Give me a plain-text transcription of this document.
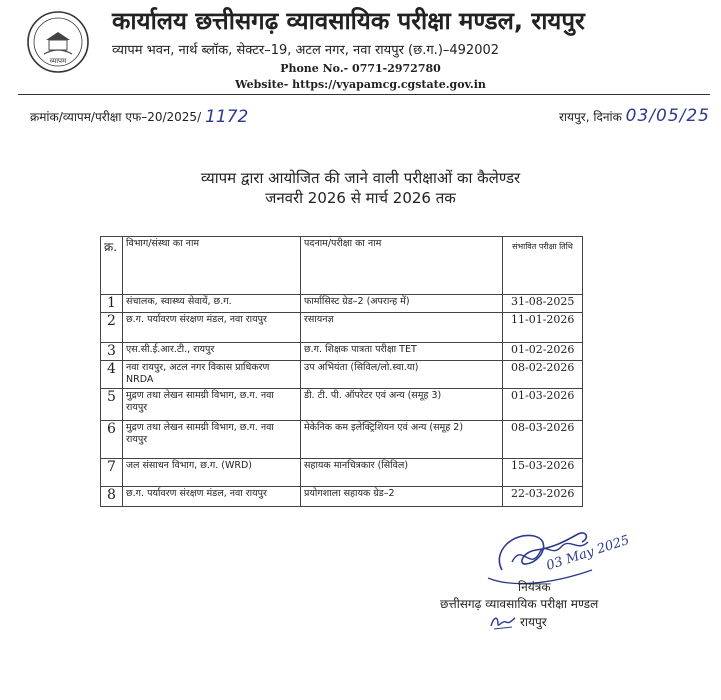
व्यापम
कार्यालय छत्तीसगढ़ व्यावसायिक परीक्षा मण्डल, रायपुर
व्यापम भवन, नार्थ ब्लॉक, सेक्टर–19, अटल नगर, नवा रायपुर (छ.ग.)–492002
Phone No.- 0771-2972780
Website- https://vyapamcg.cgstate.gov.in
क्रमांक/व्यापम/परीक्षा एफ–20/2025/ 1172	रायपुर, दिनांक 03/05/25
व्यापम द्वारा आयोजित की जाने वाली परीक्षाओं का कैलेण्डर
जनवरी 2026 से मार्च 2026 तक
क्र.	विभाग/संस्था का नाम	पदनाम/परीक्षा का नाम	संभावित परीक्षा तिथि
1	संचालक, स्वास्थ्य सेवायें, छ.ग.	फार्मासिस्ट ग्रेड–2 (अपरान्ह में)	31-08-2025
2	छ.ग. पर्यावरण संरक्षण मंडल, नवा रायपुर	रसायनज्ञ	11-01-2026
3	एस.सी.ई.आर.टी., रायपुर	छ.ग. शिक्षक पात्रता परीक्षा TET	01-02-2026
4	नवा रायपुर, अटल नगर विकास प्राधिकरण NRDA	उप अभियंता (सिविल/लो.स्वा.या)	08-02-2026
5	मुद्रण तथा लेखन सामग्री विभाग, छ.ग. नवा रायपुर	डी. टी. पी. ऑपरेटर एवं अन्य (समूह 3)	01-03-2026
6	मुद्रण तथा लेखन सामग्री विभाग, छ.ग. नवा रायपुर	मेकेनिक कम इलेक्ट्रिशियन एवं अन्य (समूह 2)	08-03-2026
7	जल संसाधन विभाग, छ.ग. (WRD)	सहायक मानचित्रकार (सिविल)	15-03-2026
8	छ.ग. पर्यावरण संरक्षण मंडल, नवा रायपुर	प्रयोगशाला सहायक ग्रेड–2	22-03-2026
03 May 2025
नियंत्रक
छत्तीसगढ़ व्यावसायिक परीक्षा मण्डल
रायपुर
